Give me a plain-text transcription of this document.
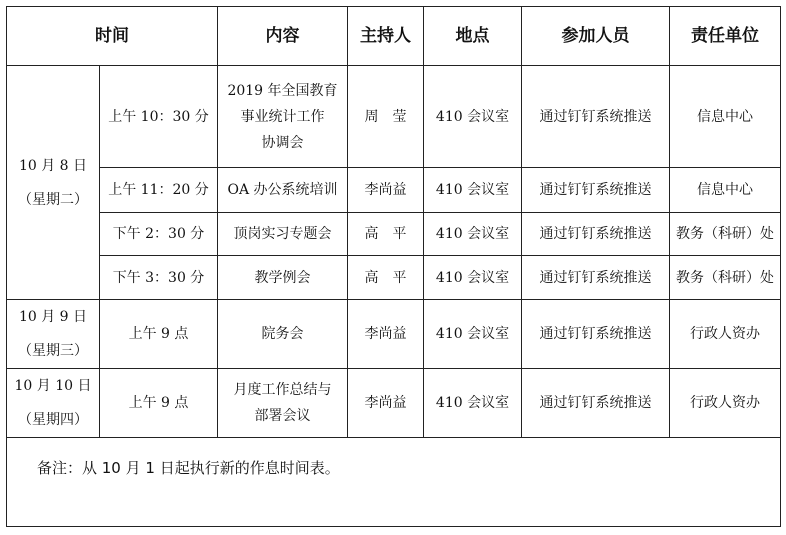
时间		内容	主持人	地点	参加人员	责任单位

10 月 8 日
（星期二）	上午 10：30 分	2019 年全国教育
事业统计工作
协调会	周　莹	410 会议室	通过钉钉系统推送	信息中心
	上午 11：20 分	OA 办公系统培训	李尚益	410 会议室	通过钉钉系统推送	信息中心
	下午 2：30 分	顶岗实习专题会	高　平	410 会议室	通过钉钉系统推送	教务（科研）处
	下午 3：30 分	教学例会	高　平	410 会议室	通过钉钉系统推送	教务（科研）处

10 月 9 日
（星期三）	上午 9 点	院务会	李尚益	410 会议室	通过钉钉系统推送	行政人资办

10 月 10 日
（星期四）	上午 9 点	月度工作总结与
部署会议	李尚益	410 会议室	通过钉钉系统推送	行政人资办
备注：从 10 月 1 日起执行新的作息时间表。						
